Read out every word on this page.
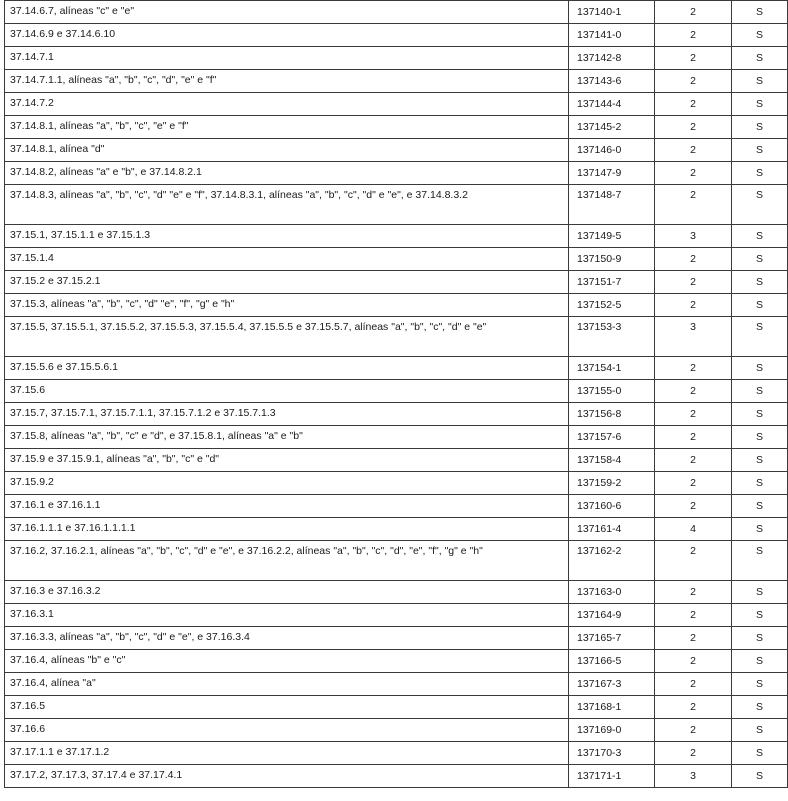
37.14.6.7, alíneas "c" e "e"	137140-1	2	S
37.14.6.9 e 37.14.6.10	137141-0	2	S
37.14.7.1	137142-8	2	S
37.14.7.1.1, alíneas "a", "b", "c", "d", "e" e "f"	137143-6	2	S
37.14.7.2	137144-4	2	S
37.14.8.1, alíneas "a", "b", "c", "e" e "f"	137145-2	2	S
37.14.8.1, alínea "d"	137146-0	2	S
37.14.8.2, alíneas "a" e "b", e 37.14.8.2.1	137147-9	2	S
37.14.8.3, alíneas "a", "b", "c", "d" "e" e "f", 37.14.8.3.1, alíneas "a", "b", "c", "d" e "e", e 37.14.8.3.2	137148-7	2	S
37.15.1, 37.15.1.1 e 37.15.1.3	137149-5	3	S
37.15.1.4	137150-9	2	S
37.15.2 e 37.15.2.1	137151-7	2	S
37.15.3, alíneas "a", "b", "c", "d" "e", "f", "g" e "h"	137152-5	2	S
37.15.5, 37.15.5.1, 37.15.5.2, 37.15.5.3, 37.15.5.4, 37.15.5.5 e 37.15.5.7, alíneas "a", "b", "c", "d" e "e"	137153-3	3	S
37.15.5.6 e 37.15.5.6.1	137154-1	2	S
37.15.6	137155-0	2	S
37.15.7, 37.15.7.1, 37.15.7.1.1, 37.15.7.1.2 e 37.15.7.1.3	137156-8	2	S
37.15.8, alíneas "a", "b", "c" e "d", e 37.15.8.1, alíneas "a" e "b"	137157-6	2	S
37.15.9 e 37.15.9.1, alíneas "a", "b", "c" e "d"	137158-4	2	S
37.15.9.2	137159-2	2	S
37.16.1 e 37.16.1.1	137160-6	2	S
37.16.1.1.1 e 37.16.1.1.1.1	137161-4	4	S
37.16.2, 37.16.2.1, alíneas "a", "b", "c", "d" e "e", e 37.16.2.2, alíneas "a", "b", "c", "d", "e", "f", "g" e "h"	137162-2	2	S
37.16.3 e 37.16.3.2	137163-0	2	S
37.16.3.1	137164-9	2	S
37.16.3.3, alíneas "a", "b", "c", "d" e "e", e 37.16.3.4	137165-7	2	S
37.16.4, alíneas "b" e "c"	137166-5	2	S
37.16.4, alínea "a"	137167-3	2	S
37.16.5	137168-1	2	S
37.16.6	137169-0	2	S
37.17.1.1 e 37.17.1.2	137170-3	2	S
37.17.2, 37.17.3, 37.17.4 e 37.17.4.1	137171-1	3	S
